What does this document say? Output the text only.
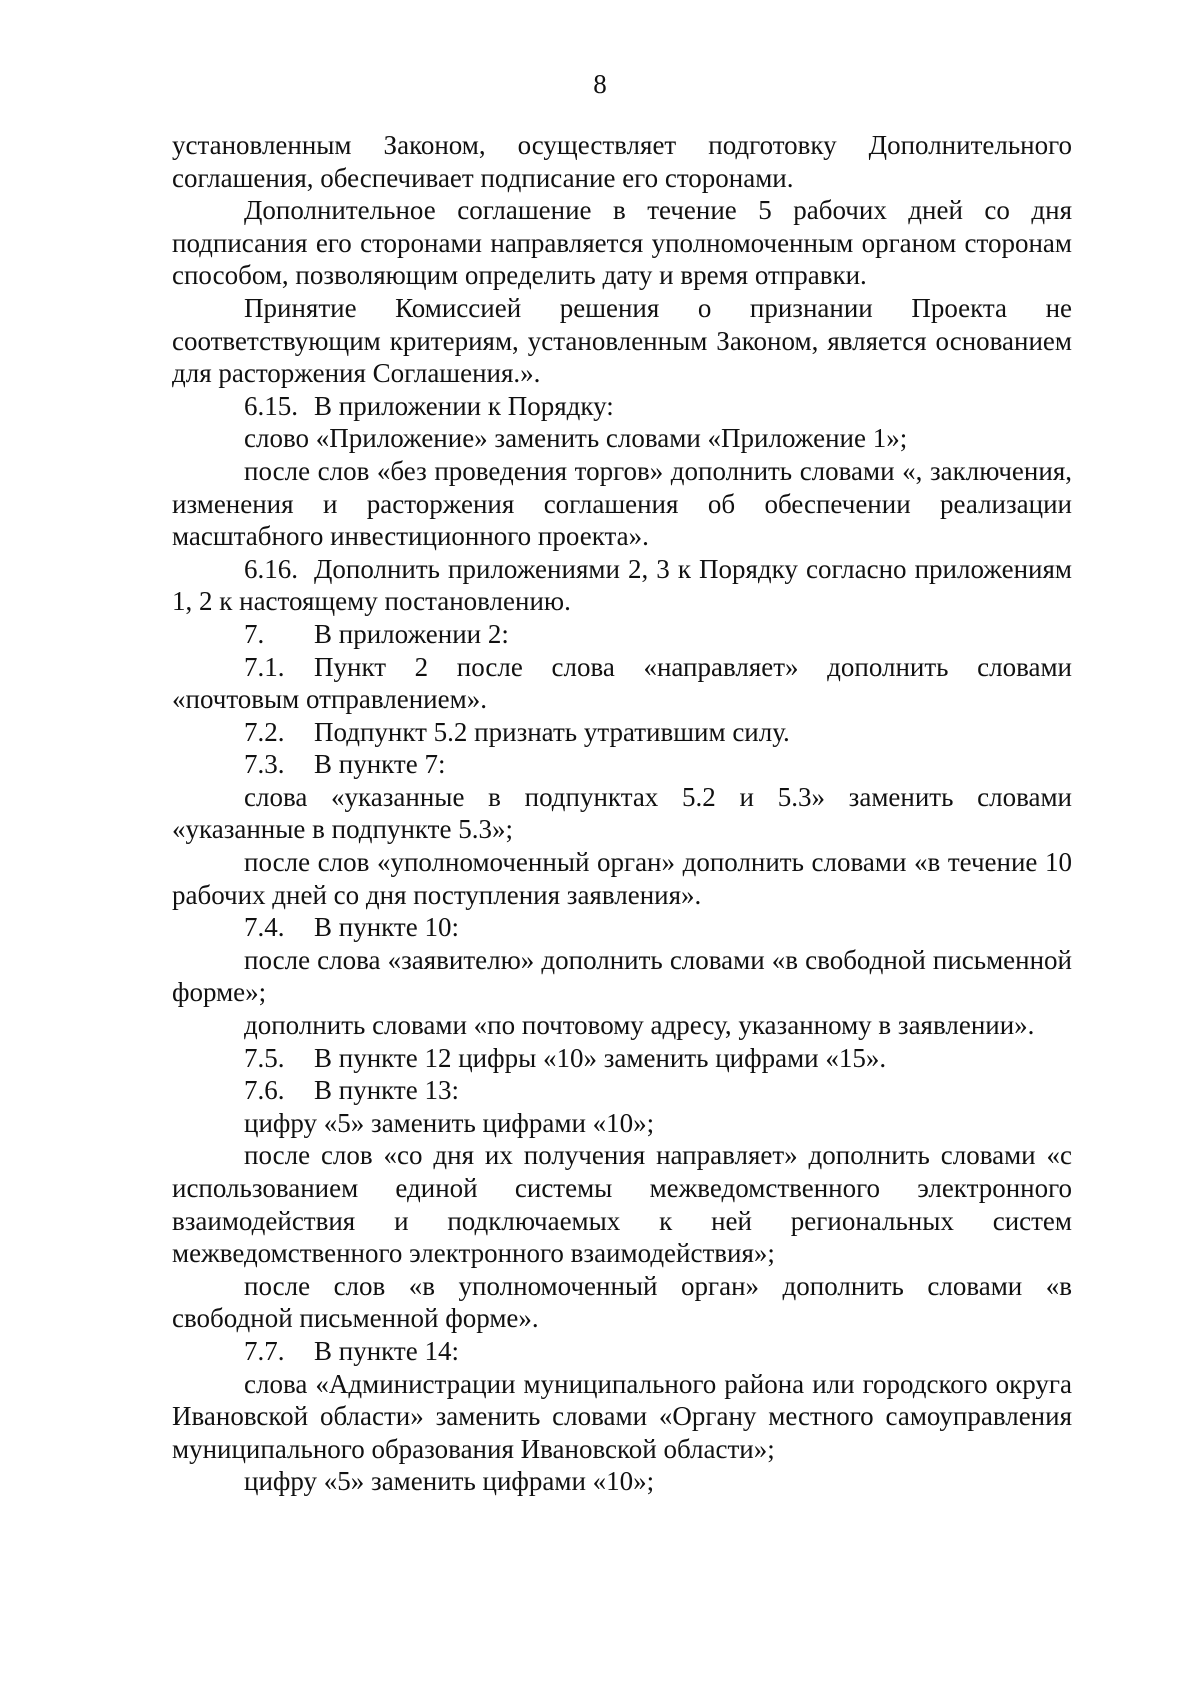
8

установленным Законом, осуществляет подготовку Дополнительного соглашения, обеспечивает подписание его сторонами.

Дополнительное соглашение в течение 5 рабочих дней со дня подписания его сторонами направляется уполномоченным органом сторонам способом, позволяющим определить дату и время отправки.

Принятие Комиссией решения о признании Проекта не соответствующим критериям, установленным Законом, является основанием для расторжения Соглашения.».

6.15. В приложении к Порядку:

слово «Приложение» заменить словами «Приложение 1»;

после слов «без проведения торгов» дополнить словами «, заключения, изменения и расторжения соглашения об обеспечении реализации масштабного инвестиционного проекта».

6.16. Дополнить приложениями 2, 3 к Порядку согласно приложениям 1, 2 к настоящему постановлению.

7. В приложении 2:

7.1. Пункт 2 после слова «направляет» дополнить словами «почтовым отправлением».

7.2. Подпункт 5.2 признать утратившим силу.

7.3. В пункте 7:

слова «указанные в подпунктах 5.2 и 5.3» заменить словами «указанные в подпункте 5.3»;

после слов «уполномоченный орган» дополнить словами «в течение 10 рабочих дней со дня поступления заявления».

7.4. В пункте 10:

после слова «заявителю» дополнить словами «в свободной письменной форме»;

дополнить словами «по почтовому адресу, указанному в заявлении».

7.5. В пункте 12 цифры «10» заменить цифрами «15».

7.6. В пункте 13:

цифру «5» заменить цифрами «10»;

после слов «со дня их получения направляет» дополнить словами «с использованием единой системы межведомственного электронного взаимодействия и подключаемых к ней региональных систем межведомственного электронного взаимодействия»;

после слов «в уполномоченный орган» дополнить словами «в свободной письменной форме».

7.7. В пункте 14:

слова «Администрации муниципального района или городского округа Ивановской области» заменить словами «Органу местного самоуправления муниципального образования Ивановской области»;

цифру «5» заменить цифрами «10»;
